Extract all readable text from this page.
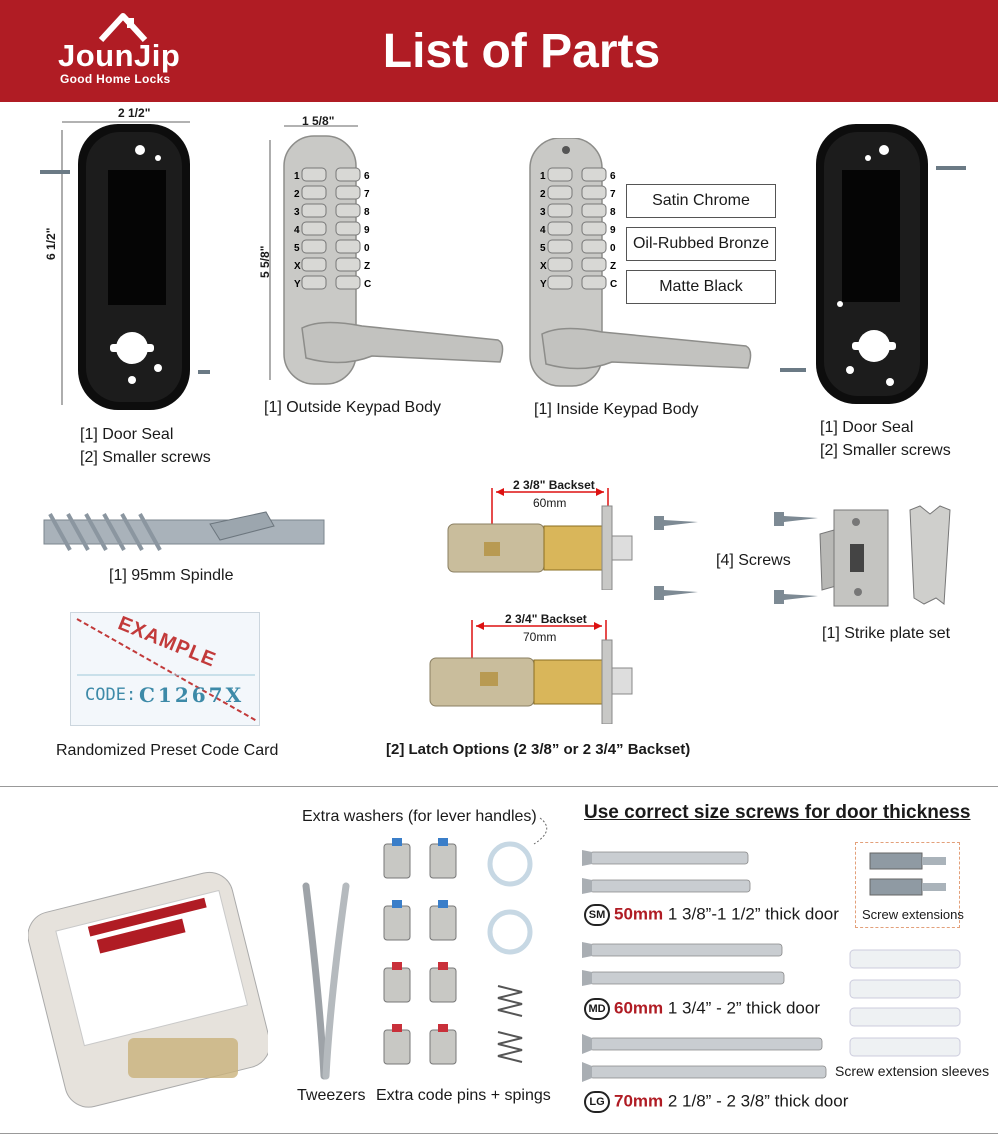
JounJip
Good Home Locks
List of Parts
2 1/2"
6 1/2"
[1] Door Seal
[2] Smaller screws
1 5/8"
1	6
2	7
3	8
4	9
5	0
X	Z
Y	C
5 5/8"
[1] Outside Keypad Body
1	6
2	7
3	8
4	9
5	0
X	Z
Y	C
[1] Inside Keypad Body
Satin Chrome
Oil-Rubbed Bronze
Matte Black
[1] Door Seal
[2] Smaller screws
[1] 95mm Spindle
EXAMPLE
CODE: C1267X
Randomized Preset Code Card
2 3/8" Backset
60mm
2 3/4" Backset
70mm
[2] Latch Options (2 3/8” or 2 3/4” Backset)
[4] Screws
[1] Strike plate set
Tweezers
Extra washers (for lever handles)
Extra code pins + spings
Use correct size screws for door thickness
SM 50mm 1 3/8”-1 1/2” thick door
MD 60mm 1 3/4” - 2” thick door
LG 70mm 2 1/8” - 2 3/8” thick door
Screw extensions
Screw extension sleeves
